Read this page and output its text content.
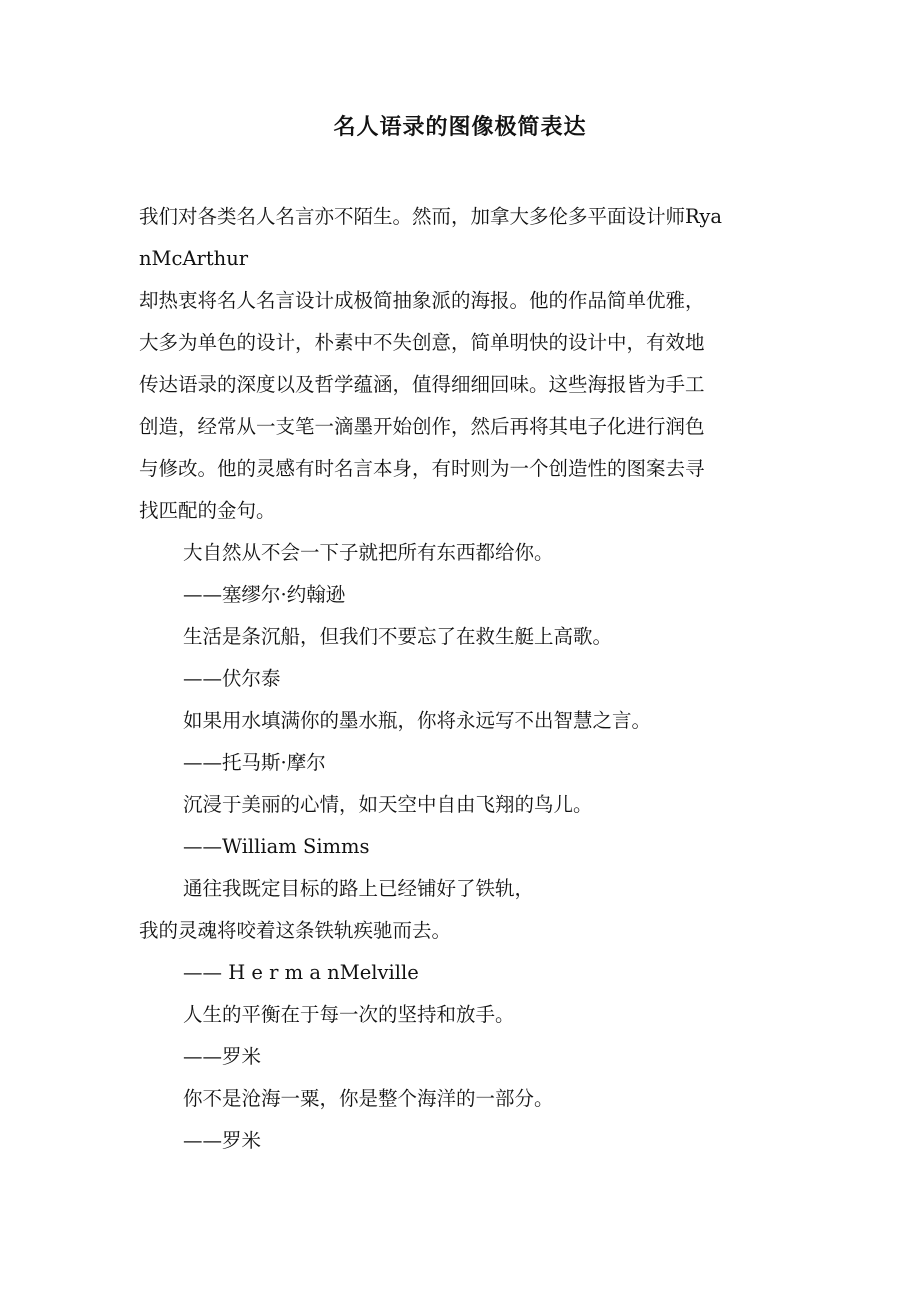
名人语录的图像极简表达
我们对各类名人名言亦不陌生。然而，加拿大多伦多平面设计师Rya
nMcArthur
却热衷将名人名言设计成极简抽象派的海报。他的作品简单优雅，
大多为单色的设计，朴素中不失创意，简单明快的设计中，有效地
传达语录的深度以及哲学蕴涵，值得细细回味。这些海报皆为手工
创造，经常从一支笔一滴墨开始创作，然后再将其电子化进行润色
与修改。他的灵感有时名言本身，有时则为一个创造性的图案去寻
找匹配的金句。
大自然从不会一下子就把所有东西都给你。
——塞缪尔·约翰逊
生活是条沉船，但我们不要忘了在救生艇上高歌。
——伏尔泰
如果用水填满你的墨水瓶，你将永远写不出智慧之言。
——托马斯·摩尔
沉浸于美丽的心情，如天空中自由飞翔的鸟儿。
——William Simms
通往我既定目标的路上已经铺好了铁轨，
我的灵魂将咬着这条铁轨疾驰而去。
—— H e r m a nMelville
人生的平衡在于每一次的坚持和放手。
——罗米
你不是沧海一粟，你是整个海洋的一部分。
——罗米
